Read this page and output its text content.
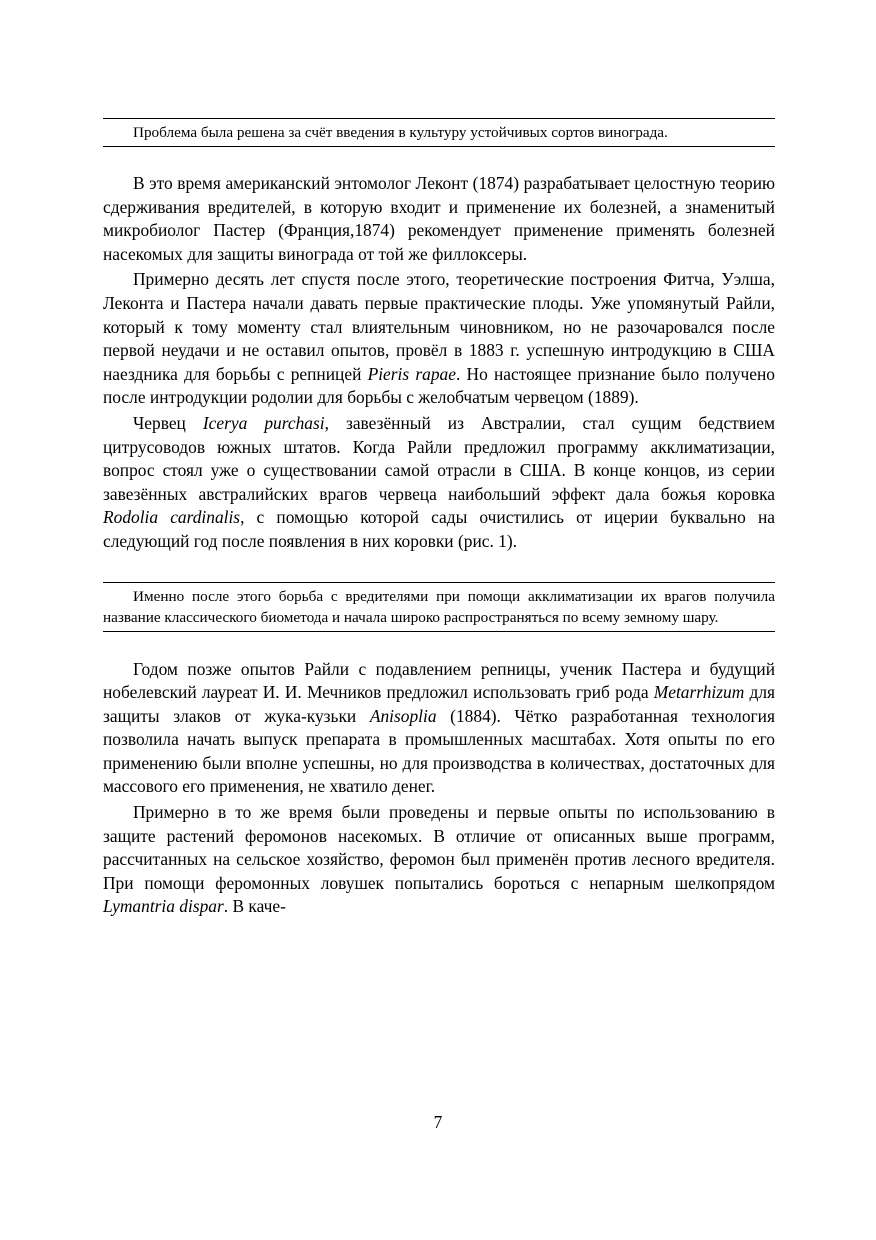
Проблема была решена за счёт введения в культуру устойчивых сортов винограда.

В это время американский энтомолог Леконт (1874) разрабатывает целостную теорию сдерживания вредителей, в которую входит и применение их болезней, а знаменитый микробиолог Пастер (Франция,1874) рекомендует применение применять болезней насекомых для защиты винограда от той же филлоксеры.

Примерно десять лет спустя после этого, теоретические построения Фитча, Уэлша, Леконта и Пастера начали давать первые практические плоды. Уже упомянутый Райли, который к тому моменту стал влиятельным чиновником, но не разочаровался после первой неудачи и не оставил опытов, провёл в 1883 г. успешную интродукцию в США наездника для борьбы с репницей Pieris rapae. Но настоящее признание было получено после интродукции родолии для борьбы с желобчатым червецом (1889).

Червец Icerya purchasi, завезённый из Австралии, стал сущим бедствием цитрусоводов южных штатов. Когда Райли предложил программу акклиматизации, вопрос стоял уже о существовании самой отрасли в США. В конце концов, из серии завезённых австралийских врагов червеца наибольший эффект дала божья коровка Rodolia cardinalis, с помощью которой сады очистились от ицерии буквально на следующий год после появления в них коровки (рис. 1).

Именно после этого борьба с вредителями при помощи акклиматизации их врагов получила название классического биометода и начала широко распространяться по всему земному шару.

Годом позже опытов Райли с подавлением репницы, ученик Пастера и будущий нобелевский лауреат И. И. Мечников предложил использовать гриб рода Metarrhizum для защиты злаков от жука-кузьки Anisoplia (1884). Чётко разработанная технология позволила начать выпуск препарата в промышленных масштабах. Хотя опыты по его применению были вполне успешны, но для производства в количествах, достаточных для массового его применения, не хватило денег.

Примерно в то же время были проведены и первые опыты по использованию в защите растений феромонов насекомых. В отличие от описанных выше программ, рассчитанных на сельское хозяйство, феромон был применён против лесного вредителя. При помощи феромонных ловушек попытались бороться с непарным шелкопрядом Lymantria dispar. В каче-

7
